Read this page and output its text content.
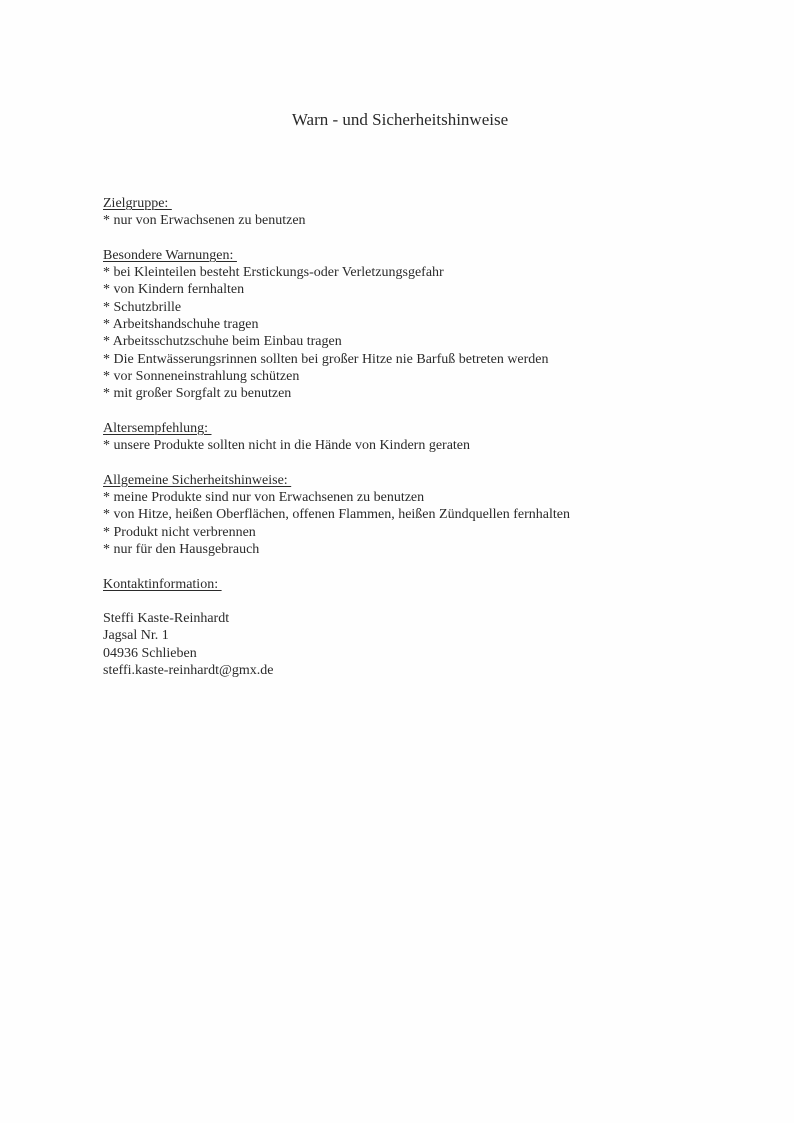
Warn - und Sicherheitshinweise
Zielgruppe:
* nur von Erwachsenen zu benutzen
Besondere Warnungen:
* bei Kleinteilen besteht Erstickungs-oder Verletzungsgefahr
* von Kindern fernhalten
* Schutzbrille
* Arbeitshandschuhe tragen
* Arbeitsschutzschuhe beim Einbau tragen
* Die Entwässerungsrinnen sollten bei großer Hitze nie Barfuß betreten werden
* vor Sonneneinstrahlung schützen
* mit großer Sorgfalt zu benutzen
Altersempfehlung:
* unsere Produkte sollten nicht in die Hände von Kindern geraten
Allgemeine Sicherheitshinweise:
* meine Produkte sind nur von Erwachsenen zu benutzen
* von Hitze, heißen Oberflächen, offenen Flammen, heißen Zündquellen fernhalten
* Produkt nicht verbrennen
* nur für den Hausgebrauch
Kontaktinformation:
Steffi Kaste-Reinhardt
Jagsal Nr. 1
04936 Schlieben
steffi.kaste-reinhardt@gmx.de
